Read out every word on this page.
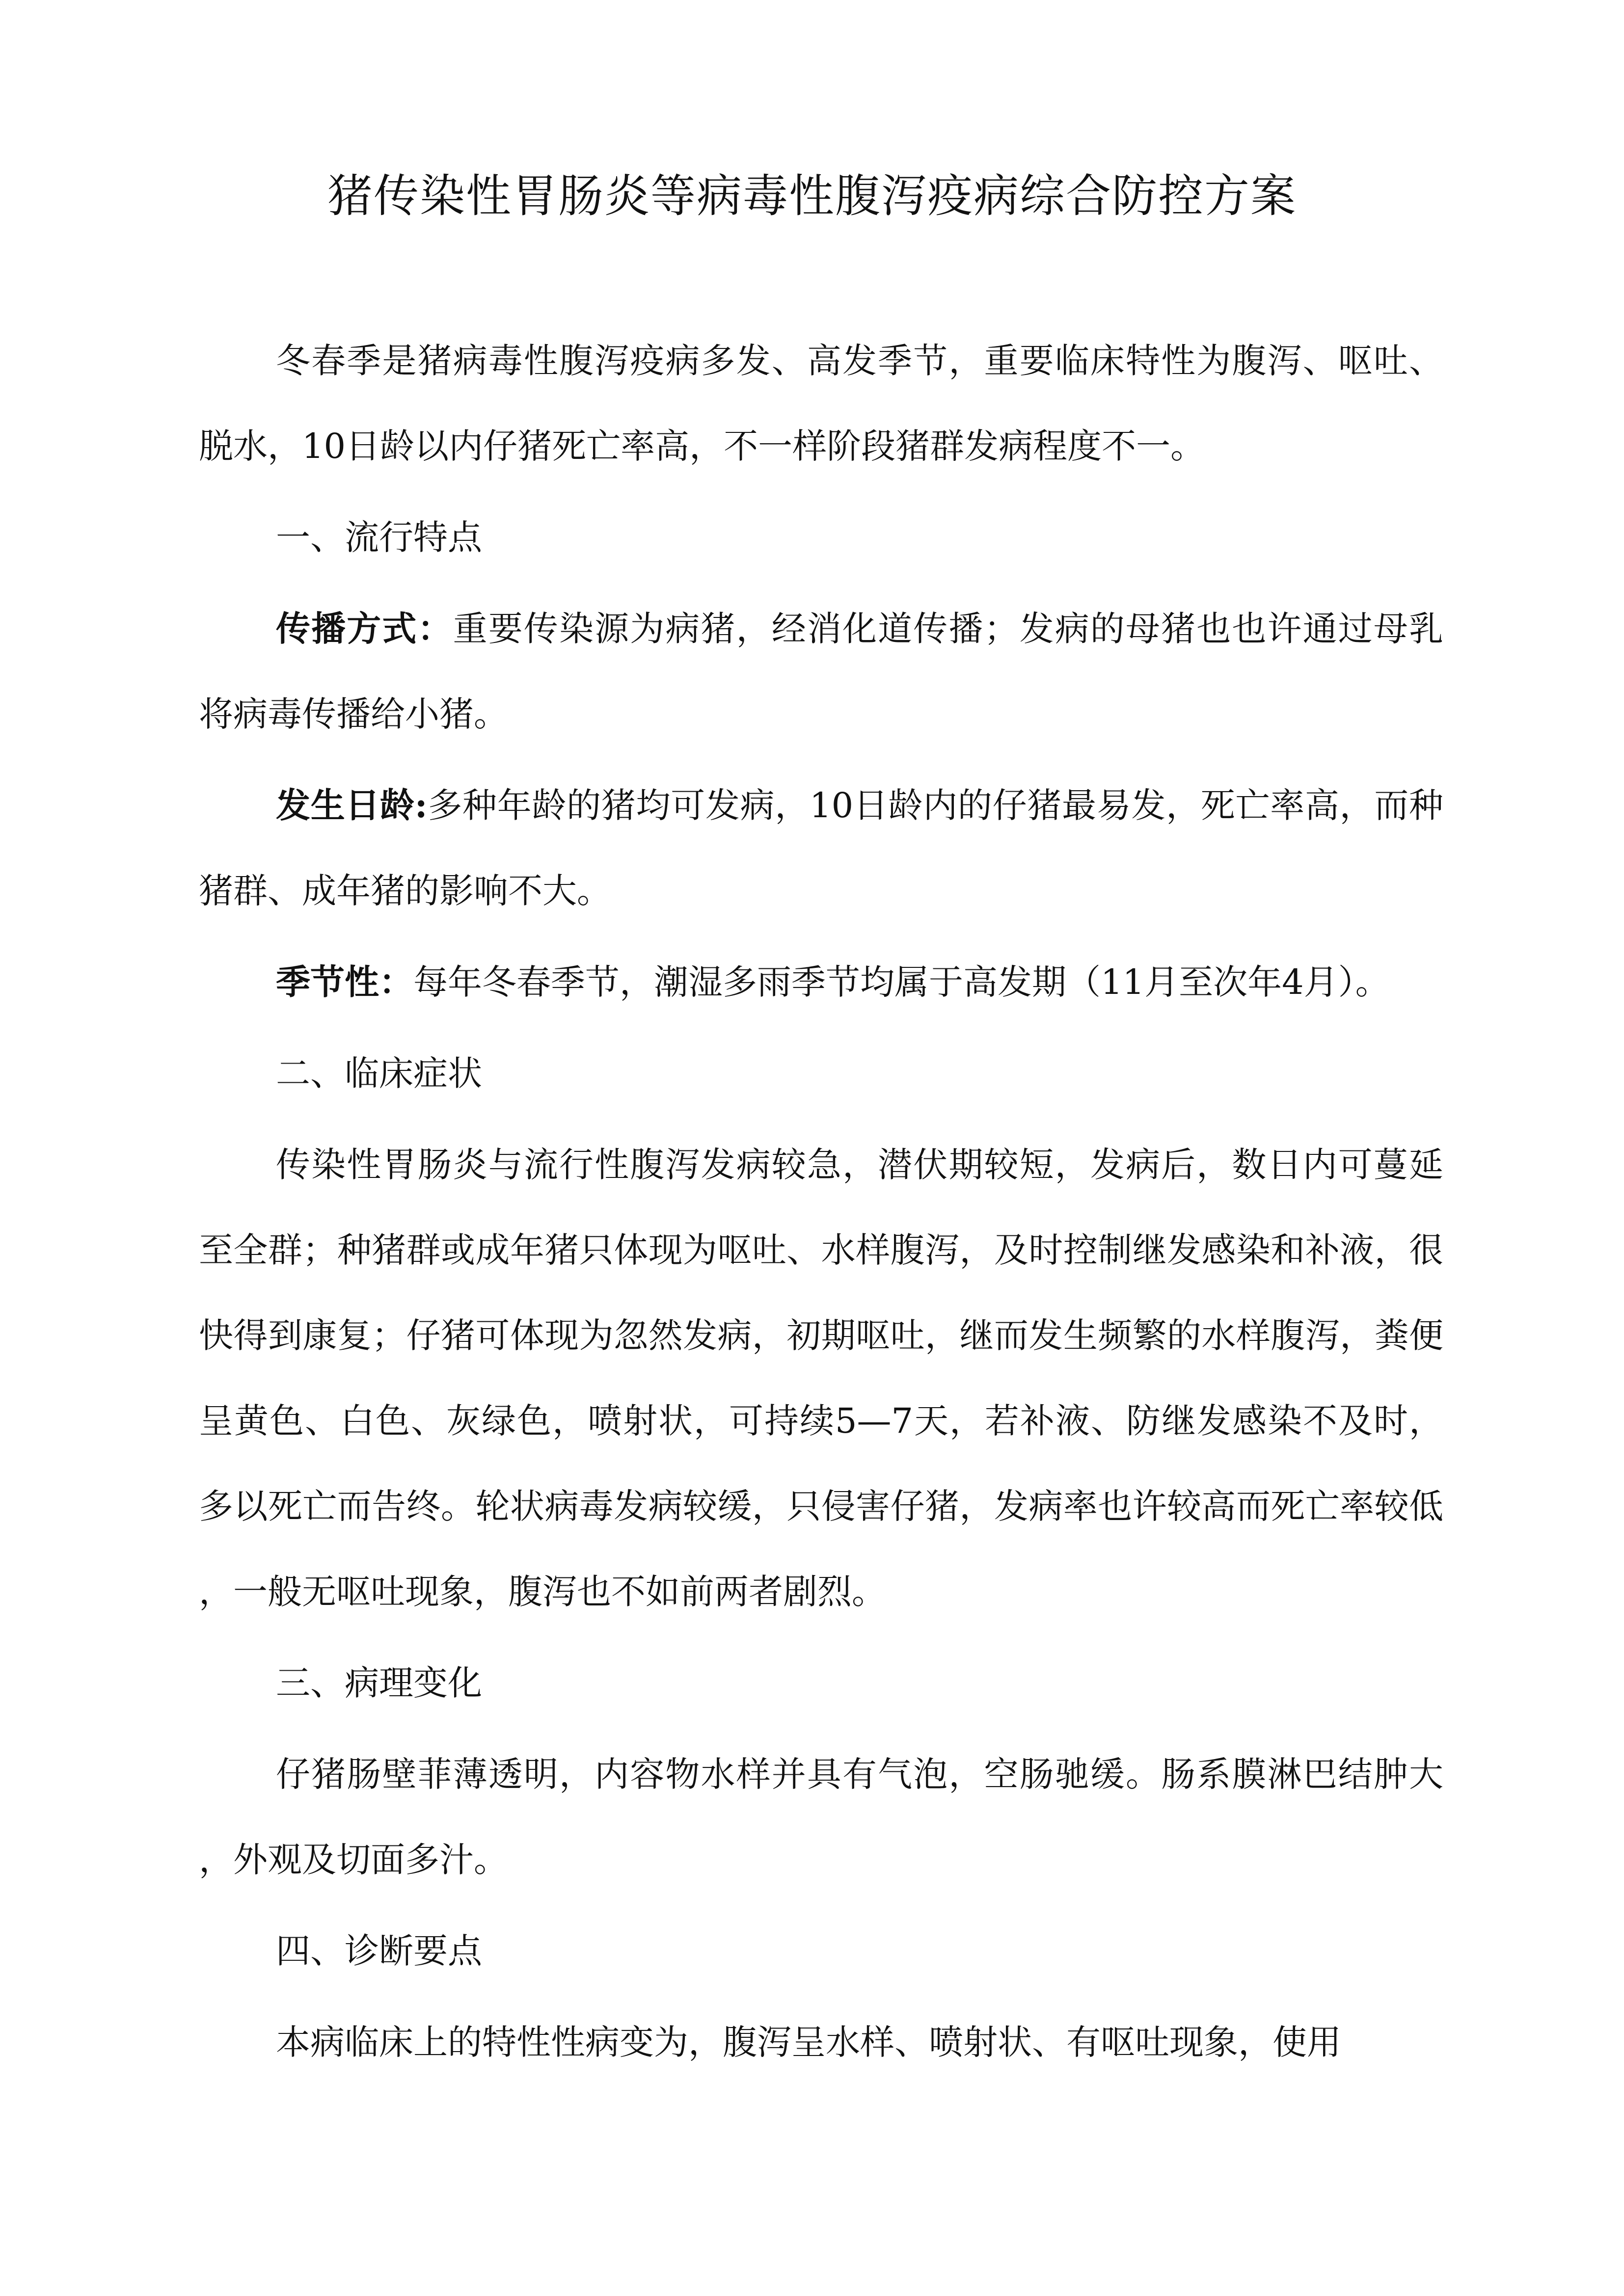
猪传染性胃肠炎等病毒性腹泻疫病综合防控方案

冬春季是猪病毒性腹泻疫病多发、高发季节，重要临床特性为腹泻、呕吐、脱水，10日龄以内仔猪死亡率高，不一样阶段猪群发病程度不一。

一、流行特点

传播方式：重要传染源为病猪，经消化道传播；发病的母猪也也许通过母乳将病毒传播给小猪。

发生日龄:多种年龄的猪均可发病，10日龄内的仔猪最易发，死亡率高，而种猪群、成年猪的影响不大。

季节性：每年冬春季节，潮湿多雨季节均属于高发期（11月至次年4月）。

二、临床症状

传染性胃肠炎与流行性腹泻发病较急，潜伏期较短，发病后，数日内可蔓延至全群；种猪群或成年猪只体现为呕吐、水样腹泻，及时控制继发感染和补液，很快得到康复；仔猪可体现为忽然发病，初期呕吐，继而发生频繁的水样腹泻，粪便呈黄色、白色、灰绿色，喷射状，可持续5—7天，若补液、防继发感染不及时，多以死亡而告终。轮状病毒发病较缓，只侵害仔猪，发病率也许较高而死亡率较低，一般无呕吐现象，腹泻也不如前两者剧烈。

三、病理变化

仔猪肠壁菲薄透明，内容物水样并具有气泡，空肠驰缓。肠系膜淋巴结肿大，外观及切面多汁。

四、诊断要点

本病临床上的特性性病变为，腹泻呈水样、喷射状、有呕吐现象，使用
